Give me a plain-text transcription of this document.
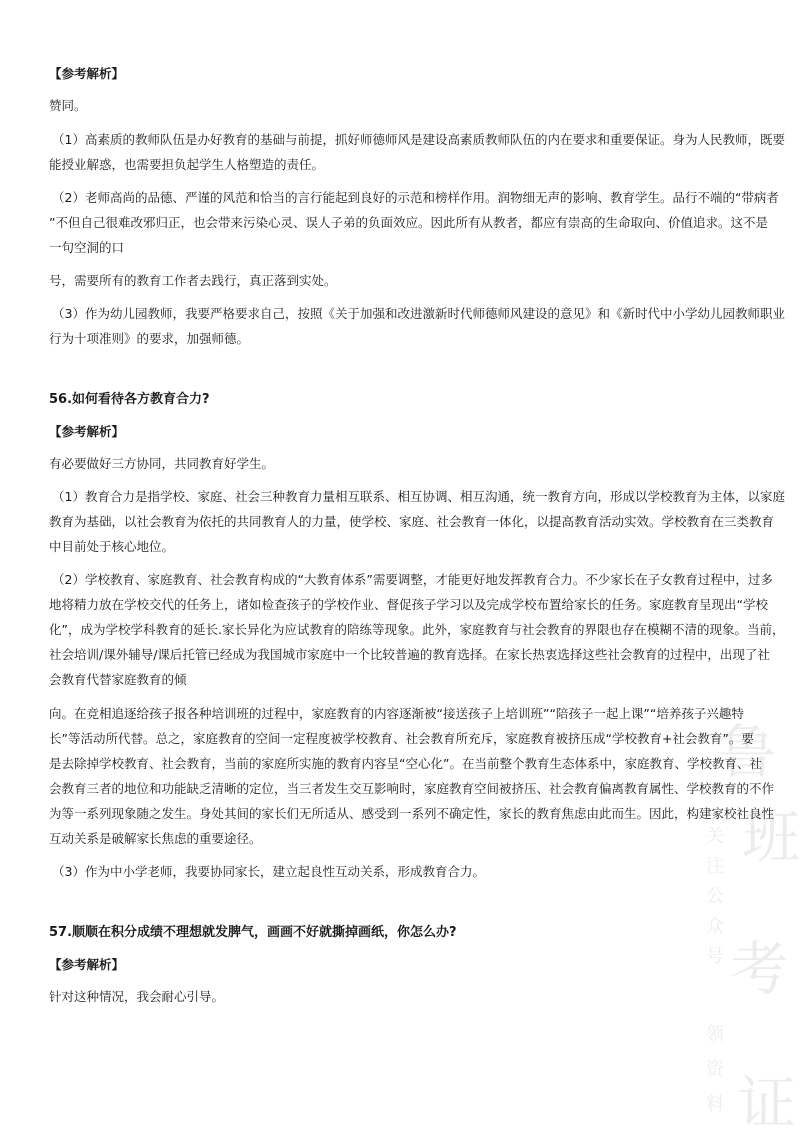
鲁
班
考
证
关
注
公
众
号
领
资
料
【参考解析】
赞同。
（1）高素质的教师队伍是办好教育的基础与前提，抓好师德师风是建设高素质教师队伍的内在要求和重要保证。身为人民教师，既要
能授业解惑，也需要担负起学生人格塑造的责任。
（2）老师高尚的品德、严谨的风范和恰当的言行能起到良好的示范和榜样作用。润物细无声的影响、教育学生。品行不端的“带病者
”不但自己很难改邪归正，也会带来污染心灵、误人子弟的负面效应。因此所有从教者，都应有崇高的生命取向、价值追求。这不是
一句空洞的口
号，需要所有的教育工作者去践行，真正落到实处。
（3）作为幼儿园教师，我要严格要求自己，按照《关于加强和改进激新时代师德师风建设的意见》和《新时代中小学幼儿园教师职业
行为十项准则》的要求，加强师德。
56.如何看待各方教育合力?
【参考解析】
有必要做好三方协同，共同教育好学生。
（1）教育合力是指学校、家庭、社会三种教育力量相互联系、相互协调、相互沟通，统一教育方向，形成以学校教育为主体，以家庭
教育为基础，以社会教育为依托的共同教育人的力量，使学校、家庭、社会教育一体化，以提高教育活动实效。学校教育在三类教育
中目前处于核心地位。
（2）学校教育、家庭教育、社会教育构成的“大教育体系”需要调整，才能更好地发挥教育合力。不少家长在子女教育过程中，过多
地将精力放在学校交代的任务上，诸如检查孩子的学校作业、督促孩子学习以及完成学校布置给家长的任务。家庭教育呈现出“学校
化”，成为学校学科教育的延长.家长异化为应试教育的陪练等现象。此外，家庭教育与社会教育的界限也存在模糊不清的现象。当前，
社会培训/课外辅导/课后托管已经成为我国城市家庭中一个比较普遍的教育选择。在家长热衷选择这些社会教育的过程中，出现了社
会教育代替家庭教育的倾
向。在竞相追逐给孩子报各种培训班的过程中，家庭教育的内容逐渐被“接送孩子上培训班”“陪孩子一起上课”“培养孩子兴趣特
长”等活动所代替。总之，家庭教育的空间一定程度被学校教育、社会教育所充斥，家庭教育被挤压成“学校教育+社会教育”。要
是去除掉学校教育、社会教育，当前的家庭所实施的教育内容呈“空心化”。在当前整个教育生态体系中，家庭教育、学校教育、社
会教育三者的地位和功能缺乏清晰的定位，当三者发生交互影响时，家庭教育空间被挤压、社会教育偏离教育属性、学校教育的不作
为等一系列现象随之发生。身处其间的家长们无所适从、感受到一系列不确定性，家长的教育焦虑由此而生。因此，构建家校社良性
互动关系是破解家长焦虑的重要途径。
（3）作为中小学老师，我要协同家长，建立起良性互动关系，形成教育合力。
57.顺顺在积分成绩不理想就发脾气，画画不好就撕掉画纸，你怎么办?
【参考解析】
针对这种情况，我会耐心引导。
